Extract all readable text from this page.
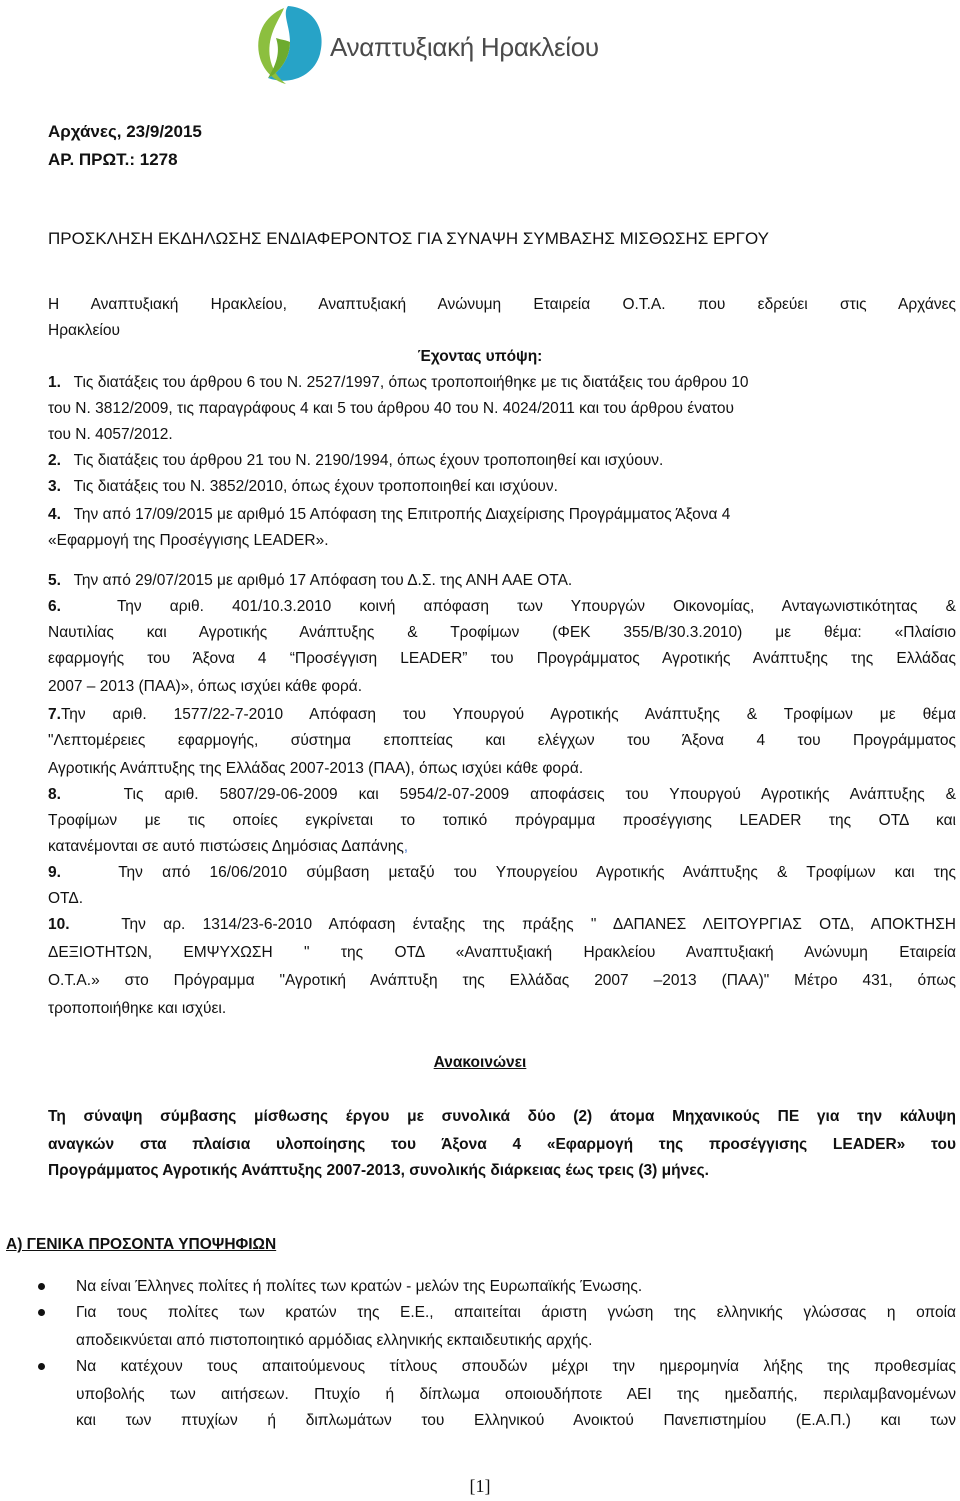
Αναπτυξιακή Ηρακλείου
Αρχάνες, 23/9/2015
ΑΡ. ΠΡΩΤ.: 1278
ΠΡΟΣΚΛΗΣΗ ΕΚΔΗΛΩΣΗΣ ΕΝΔΙΑΦΕΡΟΝΤΟΣ ΓΙΑ ΣΥΝΑΨΗ ΣΥΜΒΑΣΗΣ ΜΙΣΘΩΣΗΣ ΕΡΓΟΥ
Η Αναπτυξιακή Ηρακλείου, Αναπτυξιακή Ανώνυμη Εταιρεία Ο.Τ.Α. που εδρεύει στις Αρχάνες
Ηρακλείου
Έχοντας υπόψη:
1. Τις διατάξεις του άρθρου 6 του Ν. 2527/1997, όπως τροποποιήθηκε με τις διατάξεις του άρθρου 10
του Ν. 3812/2009, τις παραγράφους 4 και 5 του άρθρου 40 του Ν. 4024/2011 και του άρθρου ένατου
του Ν. 4057/2012.
2. Τις διατάξεις του άρθρου 21 του Ν. 2190/1994, όπως έχουν τροποποιηθεί και ισχύουν.
3. Τις διατάξεις του Ν. 3852/2010, όπως έχουν τροποποιηθεί και ισχύουν.
4. Την από 17/09/2015 με αριθμό 15 Απόφαση της Επιτροπής Διαχείρισης Προγράμματος Άξονα 4
«Εφαρμογή της Προσέγγισης LEADER».
5. Την από 29/07/2015 με αριθμό 17 Απόφαση του Δ.Σ. της ΑΝΗ ΑΑΕ ΟΤΑ.
6.	Την αριθ. 401/10.3.2010 κοινή απόφαση των Υπουργών Οικονομίας, Ανταγωνιστικότητας &
Ναυτιλίας και Αγροτικής Ανάπτυξης & Τροφίμων (ΦΕΚ 355/Β/30.3.2010) με θέμα: «Πλαίσιο
εφαρμογής του Άξονα 4 “Προσέγγιση LEADER” του Προγράμματος Αγροτικής Ανάπτυξης της Ελλάδας
2007 – 2013 (ΠΑΑ)», όπως ισχύει κάθε φορά.
7.Την αριθ. 1577/22-7-2010 Απόφαση του Υπουργού Αγροτικής Ανάπτυξης & Τροφίμων με θέμα
"Λεπτομέρειες εφαρμογής, σύστημα εποπτείας και ελέγχων του Άξονα 4 του Προγράμματος
Αγροτικής Ανάπτυξης της Ελλάδας 2007-2013 (ΠΑΑ), όπως ισχύει κάθε φορά.
8.	Τις αριθ. 5807/29-06-2009 και 5954/2-07-2009 αποφάσεις του Υπουργού Αγροτικής Ανάπτυξης &
Τροφίμων με τις οποίες εγκρίνεται το τοπικό πρόγραμμα προσέγγισης LEADER της ΟΤΔ και
κατανέμονται σε αυτό πιστώσεις Δημόσιας Δαπάνης,
9.	Την από 16/06/2010 σύμβαση μεταξύ του Υπουργείου Αγροτικής Ανάπτυξης & Τροφίμων και της
ΟΤΔ.
10.	Την αρ. 1314/23-6-2010 Απόφαση ένταξης της πράξης " ΔΑΠΑΝΕΣ ΛΕΙΤΟΥΡΓΙΑΣ ΟΤΔ, ΑΠΟΚΤΗΣΗ
ΔΕΞΙΟΤΗΤΩΝ, ΕΜΨΥΧΩΣΗ " της ΟΤΔ «Αναπτυξιακή Ηρακλείου Αναπτυξιακή Ανώνυμη Εταιρεία
Ο.Τ.Α.» στο Πρόγραμμα "Αγροτική Ανάπτυξη της Ελλάδας 2007 –2013 (ΠΑΑ)" Μέτρο 431, όπως
τροποποιήθηκε και ισχύει.
Ανακοινώνει
Τη σύναψη σύμβασης μίσθωσης έργου με συνολικά δύο (2) άτομα Μηχανικούς ΠΕ για την κάλυψη
αναγκών στα πλαίσια υλοποίησης του Άξονα 4 «Εφαρμογή της προσέγγισης LEADER» του
Προγράμματος Αγροτικής Ανάπτυξης 2007-2013, συνολικής διάρκειας έως τρεις (3) μήνες.
Α) ΓΕΝΙΚΑ ΠΡΟΣΟΝΤΑ ΥΠΟΨΗΦΙΩΝ
Να είναι Έλληνες πολίτες ή πολίτες των κρατών - μελών της Ευρωπαϊκής Ένωσης.
Για τους πολίτες των κρατών της Ε.Ε., απαιτείται άριστη γνώση της ελληνικής γλώσσας η οποία
αποδεικνύεται από πιστοποιητικό αρμόδιας ελληνικής εκπαιδευτικής αρχής.
Να κατέχουν τους απαιτούμενους τίτλους σπουδών μέχρι την ημερομηνία λήξης της προθεσμίας
υποβολής των αιτήσεων. Πτυχίο ή δίπλωμα οποιουδήποτε ΑΕΙ της ημεδαπής, περιλαμβανομένων
και των πτυχίων ή διπλωμάτων του Ελληνικού Ανοικτού Πανεπιστημίου (Ε.Α.Π.) και των
[1]
